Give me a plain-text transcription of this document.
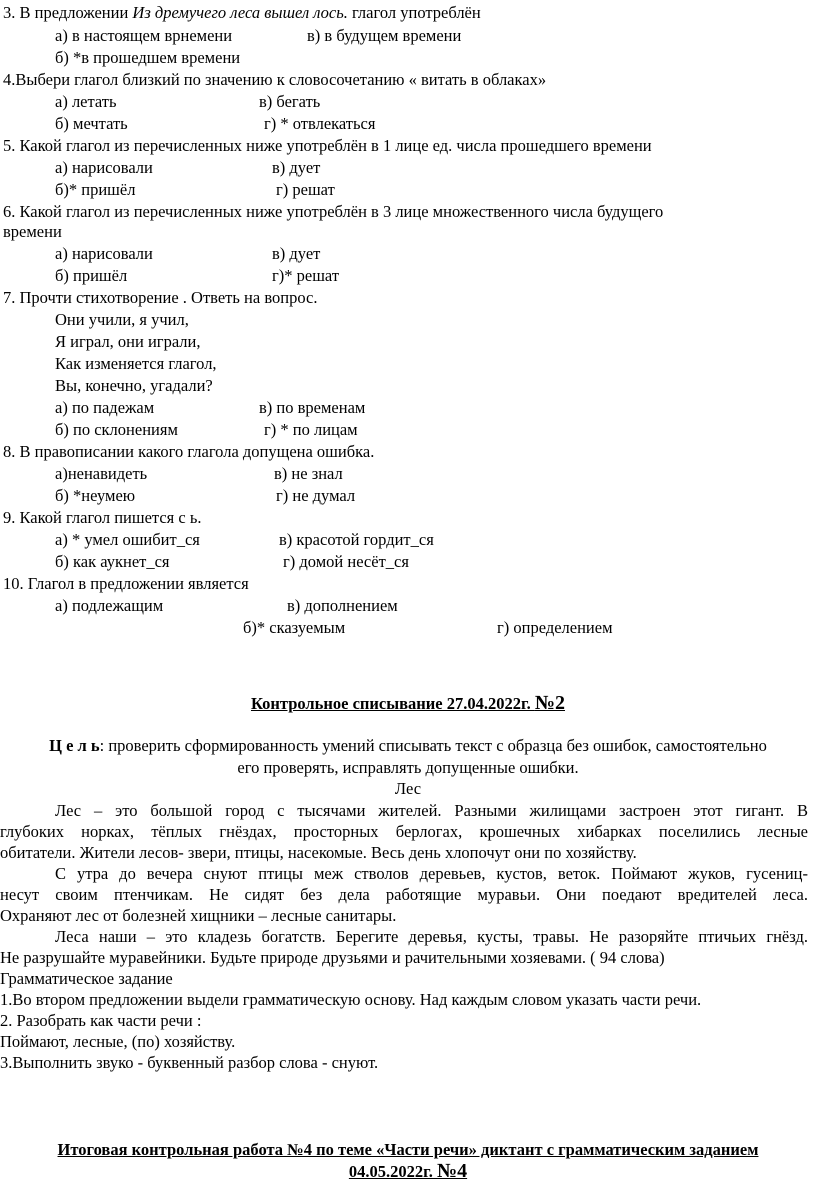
3. В предложении Из дремучего леса вышел лось. глагол употреблён
а) в настоящем врнемени	в) в будущем времени
б) *в прошедшем времени
4.Выбери глагол близкий по значению к словосочетанию « витать в облаках»
а) летать	в) бегать
б) мечтать	г) * отвлекаться
5. Какой глагол из перечисленных ниже употреблён в 1 лице ед. числа прошедшего времени
а) нарисовали	в) дует
б)* пришёл	г) решат
6. Какой глагол из перечисленных ниже употреблён в 3 лице множественного числа будущего
времени
а) нарисовали	в) дует
б) пришёл	г)* решат
7. Прочти стихотворение . Ответь на вопрос.
Они учили, я учил,
Я играл, они играли,
Как изменяется глагол,
Вы, конечно, угадали?
а) по падежам	в) по временам
б) по склонениям	г) * по лицам
8. В правописании какого глагола допущена ошибка.
а)ненавидеть	в) не знал
б) *неумею	г) не думал
9. Какой глагол пишется с ь.
а) * умел ошибит_ся	в) красотой гордит_ся
б) как аукнет_ся	г) домой несёт_ся
10. Глагол в предложении является
а) подлежащим	в) дополнением
б)* сказуемым	г) определением
Контрольное списывание 27.04.2022г. №2
Ц е л ь: проверить сформированность умений списывать текст с образца без ошибок, самостоятельно
его проверять, исправлять допущенные ошибки.
Лес
Лес – это большой город с тысячами жителей. Разными жилищами застроен этот гигант. В
глубоких норках, тёплых гнёздах, просторных берлогах, крошечных хибарках поселились лесные
обитатели. Жители лесов- звери, птицы, насекомые. Весь день хлопочут они по хозяйству.
С утра до вечера снуют птицы меж стволов деревьев, кустов, веток. Поймают жуков, гусениц-
несут своим птенчикам. Не сидят без дела работящие муравьи. Они поедают вредителей леса.
Охраняют лес от болезней хищники – лесные санитары.
Леса наши – это кладезь богатств. Берегите деревья, кусты, травы. Не разоряйте птичьих гнёзд.
Не разрушайте муравейники. Будьте природе друзьями и рачительными хозяевами. ( 94 слова)
Грамматическое задание
1.Во втором предложении выдели грамматическую основу. Над каждым словом указать части речи.
2. Разобрать как части речи :
Поймают, лесные, (по) хозяйству.
3.Выполнить звуко - буквенный разбор слова - снуют.
Итоговая контрольная работа №4 по теме «Части речи» диктант с грамматическим заданием
04.05.2022г. №4
